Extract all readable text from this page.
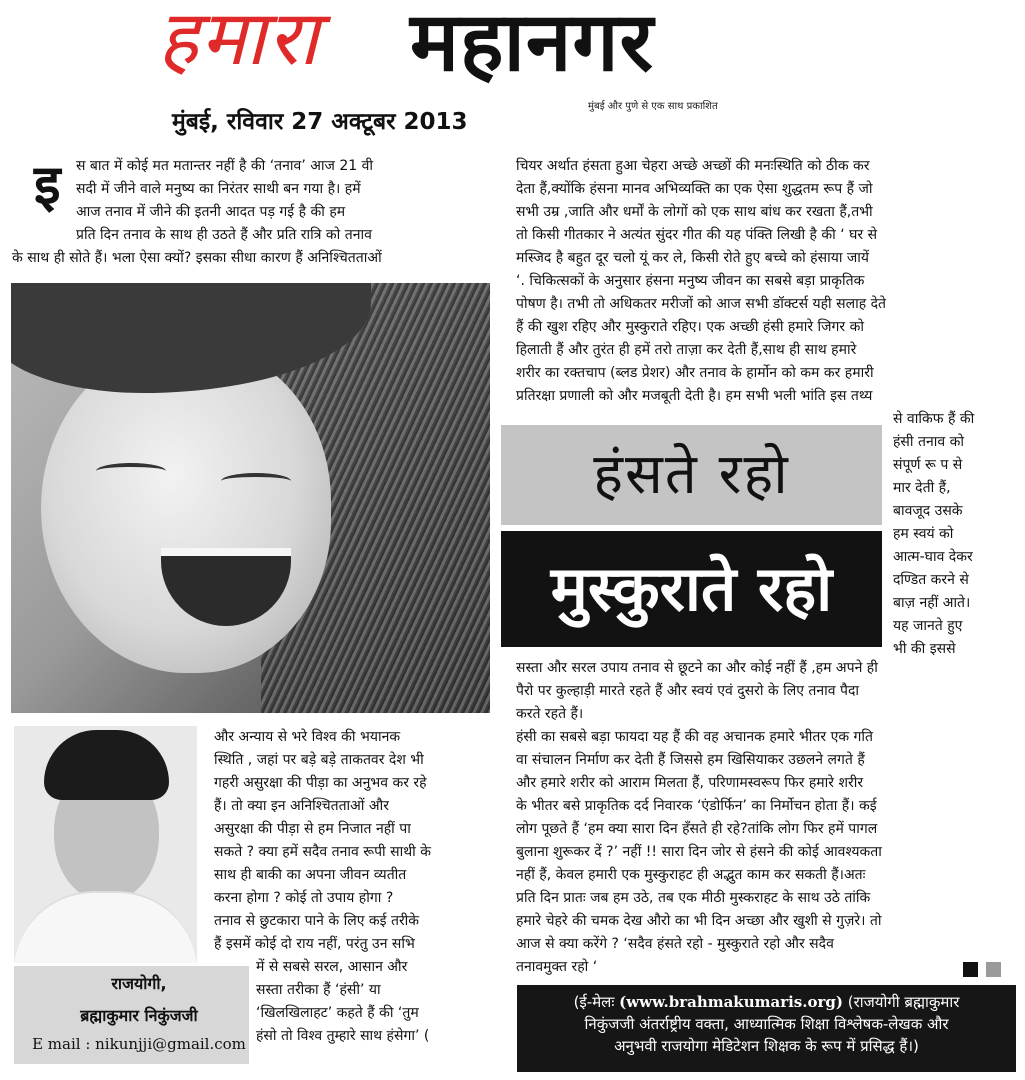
हमारा महानगर
मुंबई, रविवार 27 अक्टूबर 2013
मुंबई और पुणे से एक साथ प्रकाशित
इ	स बात में कोई मत मतान्तर नहीं है की ‘तनाव’ आज 21 वी

सदी में जीने वाले मनुष्य का निरंतर साथी बन गया है। हमें

आज तनाव में जीने की इतनी आदत पड़ गई है की हम

प्रति दिन तनाव के साथ ही उठते हैं और प्रति रात्रि को तनाव

के साथ ही सोते हैं। भला ऐसा क्यों? इसका सीधा कारण हैं अनिश्चितताओं

और अन्याय से भरे विश्व की भयानक

स्थिति , जहां पर बड़े बड़े ताकतवर देश भी

गहरी असुरक्षा की पीड़ा का अनुभव कर रहे

हैं। तो क्या इन अनिश्चितताओं और

असुरक्षा की पीड़ा से हम निजात नहीं पा

सकते ? क्या हमें सदैव तनाव रूपी साथी के

साथ ही बाकी का अपना जीवन व्यतीत

करना होगा ? कोई तो उपाय होगा ?

तनाव से छुटकारा पाने के लिए कई तरीके

हैं इसमें कोई दो राय नहीं, परंतु उन सभि

में से सबसे सरल, आसान और

सस्ता तरीका हैं ‘हंसी’ या

‘खिलखिलाहट’ कहते हैं की ‘तुम

हंसो तो विश्व तुम्हारे साथ हंसेगा’ (

राजयोगी,
ब्रह्माकुमार निकुंजजी
E mail : nikunjji@gmail.com

चियर अर्थात हंसता हुआ चेहरा अच्छे अच्छों की मनःस्थिति को ठीक कर

देता हैं,क्योंकि हंसना मानव अभिव्यक्ति का एक ऐसा शुद्धतम रूप हैं जो

सभी उम्र ,जाति और धर्मों के लोगों को एक साथ बांध कर रखता हैं,तभी

तो किसी गीतकार ने अत्यंत सुंदर गीत की यह पंक्ति लिखी है की ‘ घर से

मस्जिद है बहुत दूर चलो यूं कर ले, किसी रोते हुए बच्चे को हंसाया जायें

‘. चिकित्सकों के अनुसार हंसना मनुष्य जीवन का सबसे बड़ा प्राकृतिक

पोषण है। तभी तो अधिकतर मरीजों को आज सभी डॉक्टर्स यही सलाह देते

हैं की खुश रहिए और मुस्कुराते रहिए। एक अच्छी हंसी हमारे जिगर को

हिलाती हैं और तुरंत ही हमें तरो ताज़ा कर देती हैं,साथ ही साथ हमारे

शरीर का रक्तचाप (ब्लड प्रेशर) और तनाव के हार्मोन को कम कर हमारी

प्रतिरक्षा प्रणाली को और मजबूती देती है। हम सभी भली भांति इस तथ्य

हंसते रहो
मुस्कुराते रहो

से वाकिफ हैं की

हंसी तनाव को

संपूर्ण रू प से

मार देती हैं,

बावजूद उसके

हम स्वयं को

आत्म-घाव देकर

दण्डित करने से

बाज़ नहीं आते।

यह जानते हुए

भी की इससे

सस्ता और सरल उपाय तनाव से छूटने का और कोई नहीं हैं ,हम अपने ही

पैरो पर कुल्हाड़ी मारते रहते हैं और स्वयं एवं दुसरो के लिए तनाव पैदा

करते रहते हैं।

हंसी का सबसे बड़ा फायदा यह हैं की वह अचानक हमारे भीतर एक गति

वा संचालन निर्माण कर देती हैं जिससे हम खिसियाकर उछलने लगते हैं

और हमारे शरीर को आराम मिलता हैं, परिणामस्वरूप फिर हमारे शरीर

के भीतर बसे प्राकृतिक दर्द निवारक ‘एंडोर्फिन’ का निर्मोचन होता हैं। कई

लोग पूछते हैं ‘हम क्या सारा दिन हँसते ही रहे?तांकि लोग फिर हमें पागल

बुलाना शुरूकर दें ?’ नहीं !! सारा दिन जोर से हंसने की कोई आवश्यकता

नहीं हैं, केवल हमारी एक मुस्कुराहट ही अद्भुत काम कर सकती हैं।अतः

प्रति दिन प्रातः जब हम उठे, तब एक मीठी मुस्कराहट के साथ उठे तांकि

हमारे चेहरे की चमक देख औरो का भी दिन अच्छा और खुशी से गुज़रे। तो

आज से क्या करेंगे ? ‘सदैव हंसते रहो - मुस्कुराते रहो और सदैव

तनावमुक्त रहो ‘

(ई-मेलः (www.brahmakumaris.org) (राजयोगी ब्रह्माकुमार
निकुंजजी अंतर्राष्ट्रीय वक्ता, आध्यात्मिक शिक्षा विश्लेषक-लेखक और
अनुभवी राजयोगा मेडिटेशन शिक्षक के रूप में प्रसिद्ध हैं।)
